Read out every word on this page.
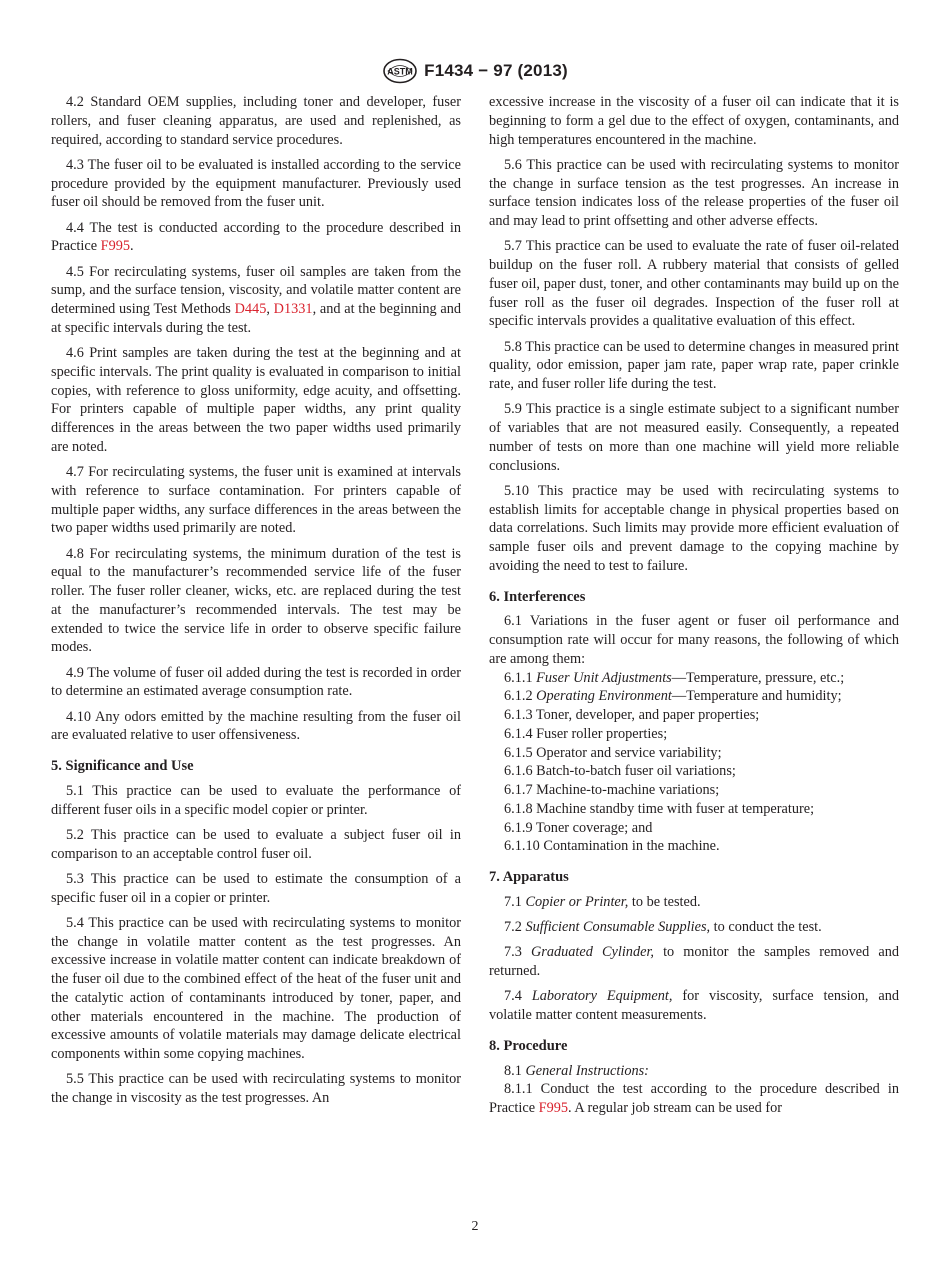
ASTM F1434 − 97 (2013)

4.2 Standard OEM supplies, including toner and developer, fuser rollers, and fuser cleaning apparatus, are used and replenished, as required, according to standard service procedures.

4.3 The fuser oil to be evaluated is installed according to the service procedure provided by the equipment manufacturer. Previously used fuser oil should be removed from the fuser unit.

4.4 The test is conducted according to the procedure described in Practice F995.

4.5 For recirculating systems, fuser oil samples are taken from the sump, and the surface tension, viscosity, and volatile matter content are determined using Test Methods D445, D1331, and at the beginning and at specific intervals during the test.

4.6 Print samples are taken during the test at the beginning and at specific intervals. The print quality is evaluated in comparison to initial copies, with reference to gloss uniformity, edge acuity, and offsetting. For printers capable of multiple paper widths, any print quality differences in the areas between the two paper widths used primarily are noted.

4.7 For recirculating systems, the fuser unit is examined at intervals with reference to surface contamination. For printers capable of multiple paper widths, any surface differences in the areas between the two paper widths used primarily are noted.

4.8 For recirculating systems, the minimum duration of the test is equal to the manufacturer’s recommended service life of the fuser roller. The fuser roller cleaner, wicks, etc. are replaced during the test at the manufacturer’s recommended intervals. The test may be extended to twice the service life in order to observe specific failure modes.

4.9 The volume of fuser oil added during the test is recorded in order to determine an estimated average consumption rate.

4.10 Any odors emitted by the machine resulting from the fuser oil are evaluated relative to user offensiveness.

5. Significance and Use

5.1 This practice can be used to evaluate the performance of different fuser oils in a specific model copier or printer.

5.2 This practice can be used to evaluate a subject fuser oil in comparison to an acceptable control fuser oil.

5.3 This practice can be used to estimate the consumption of a specific fuser oil in a copier or printer.

5.4 This practice can be used with recirculating systems to monitor the change in volatile matter content as the test progresses. An excessive increase in volatile matter content can indicate breakdown of the fuser oil due to the combined effect of the heat of the fuser unit and the catalytic action of contaminants introduced by toner, paper, and other materials encountered in the machine. The production of excessive amounts of volatile materials may damage delicate electrical components within some copying machines.

5.5 This practice can be used with recirculating systems to monitor the change in viscosity as the test progresses. An

excessive increase in the viscosity of a fuser oil can indicate that it is beginning to form a gel due to the effect of oxygen, contaminants, and high temperatures encountered in the machine.

5.6 This practice can be used with recirculating systems to monitor the change in surface tension as the test progresses. An increase in surface tension indicates loss of the release properties of the fuser oil and may lead to print offsetting and other adverse effects.

5.7 This practice can be used to evaluate the rate of fuser oil-related buildup on the fuser roll. A rubbery material that consists of gelled fuser oil, paper dust, toner, and other contaminants may build up on the fuser roll as the fuser oil degrades. Inspection of the fuser roll at specific intervals provides a qualitative evaluation of this effect.

5.8 This practice can be used to determine changes in measured print quality, odor emission, paper jam rate, paper wrap rate, paper crinkle rate, and fuser roller life during the test.

5.9 This practice is a single estimate subject to a significant number of variables that are not measured easily. Consequently, a repeated number of tests on more than one machine will yield more reliable conclusions.

5.10 This practice may be used with recirculating systems to establish limits for acceptable change in physical properties based on data correlations. Such limits may provide more efficient evaluation of sample fuser oils and prevent damage to the copying machine by avoiding the need to test to failure.

6. Interferences

6.1 Variations in the fuser agent or fuser oil performance and consumption rate will occur for many reasons, the following of which are among them:

6.1.1 Fuser Unit Adjustments—Temperature, pressure, etc.;

6.1.2 Operating Environment—Temperature and humidity;

6.1.3 Toner, developer, and paper properties;

6.1.4 Fuser roller properties;

6.1.5 Operator and service variability;

6.1.6 Batch-to-batch fuser oil variations;

6.1.7 Machine-to-machine variations;

6.1.8 Machine standby time with fuser at temperature;

6.1.9 Toner coverage; and

6.1.10 Contamination in the machine.

7. Apparatus

7.1 Copier or Printer, to be tested.

7.2 Sufficient Consumable Supplies, to conduct the test.

7.3 Graduated Cylinder, to monitor the samples removed and returned.

7.4 Laboratory Equipment, for viscosity, surface tension, and volatile matter content measurements.

8. Procedure

8.1 General Instructions:

8.1.1 Conduct the test according to the procedure described in Practice F995. A regular job stream can be used for

2
